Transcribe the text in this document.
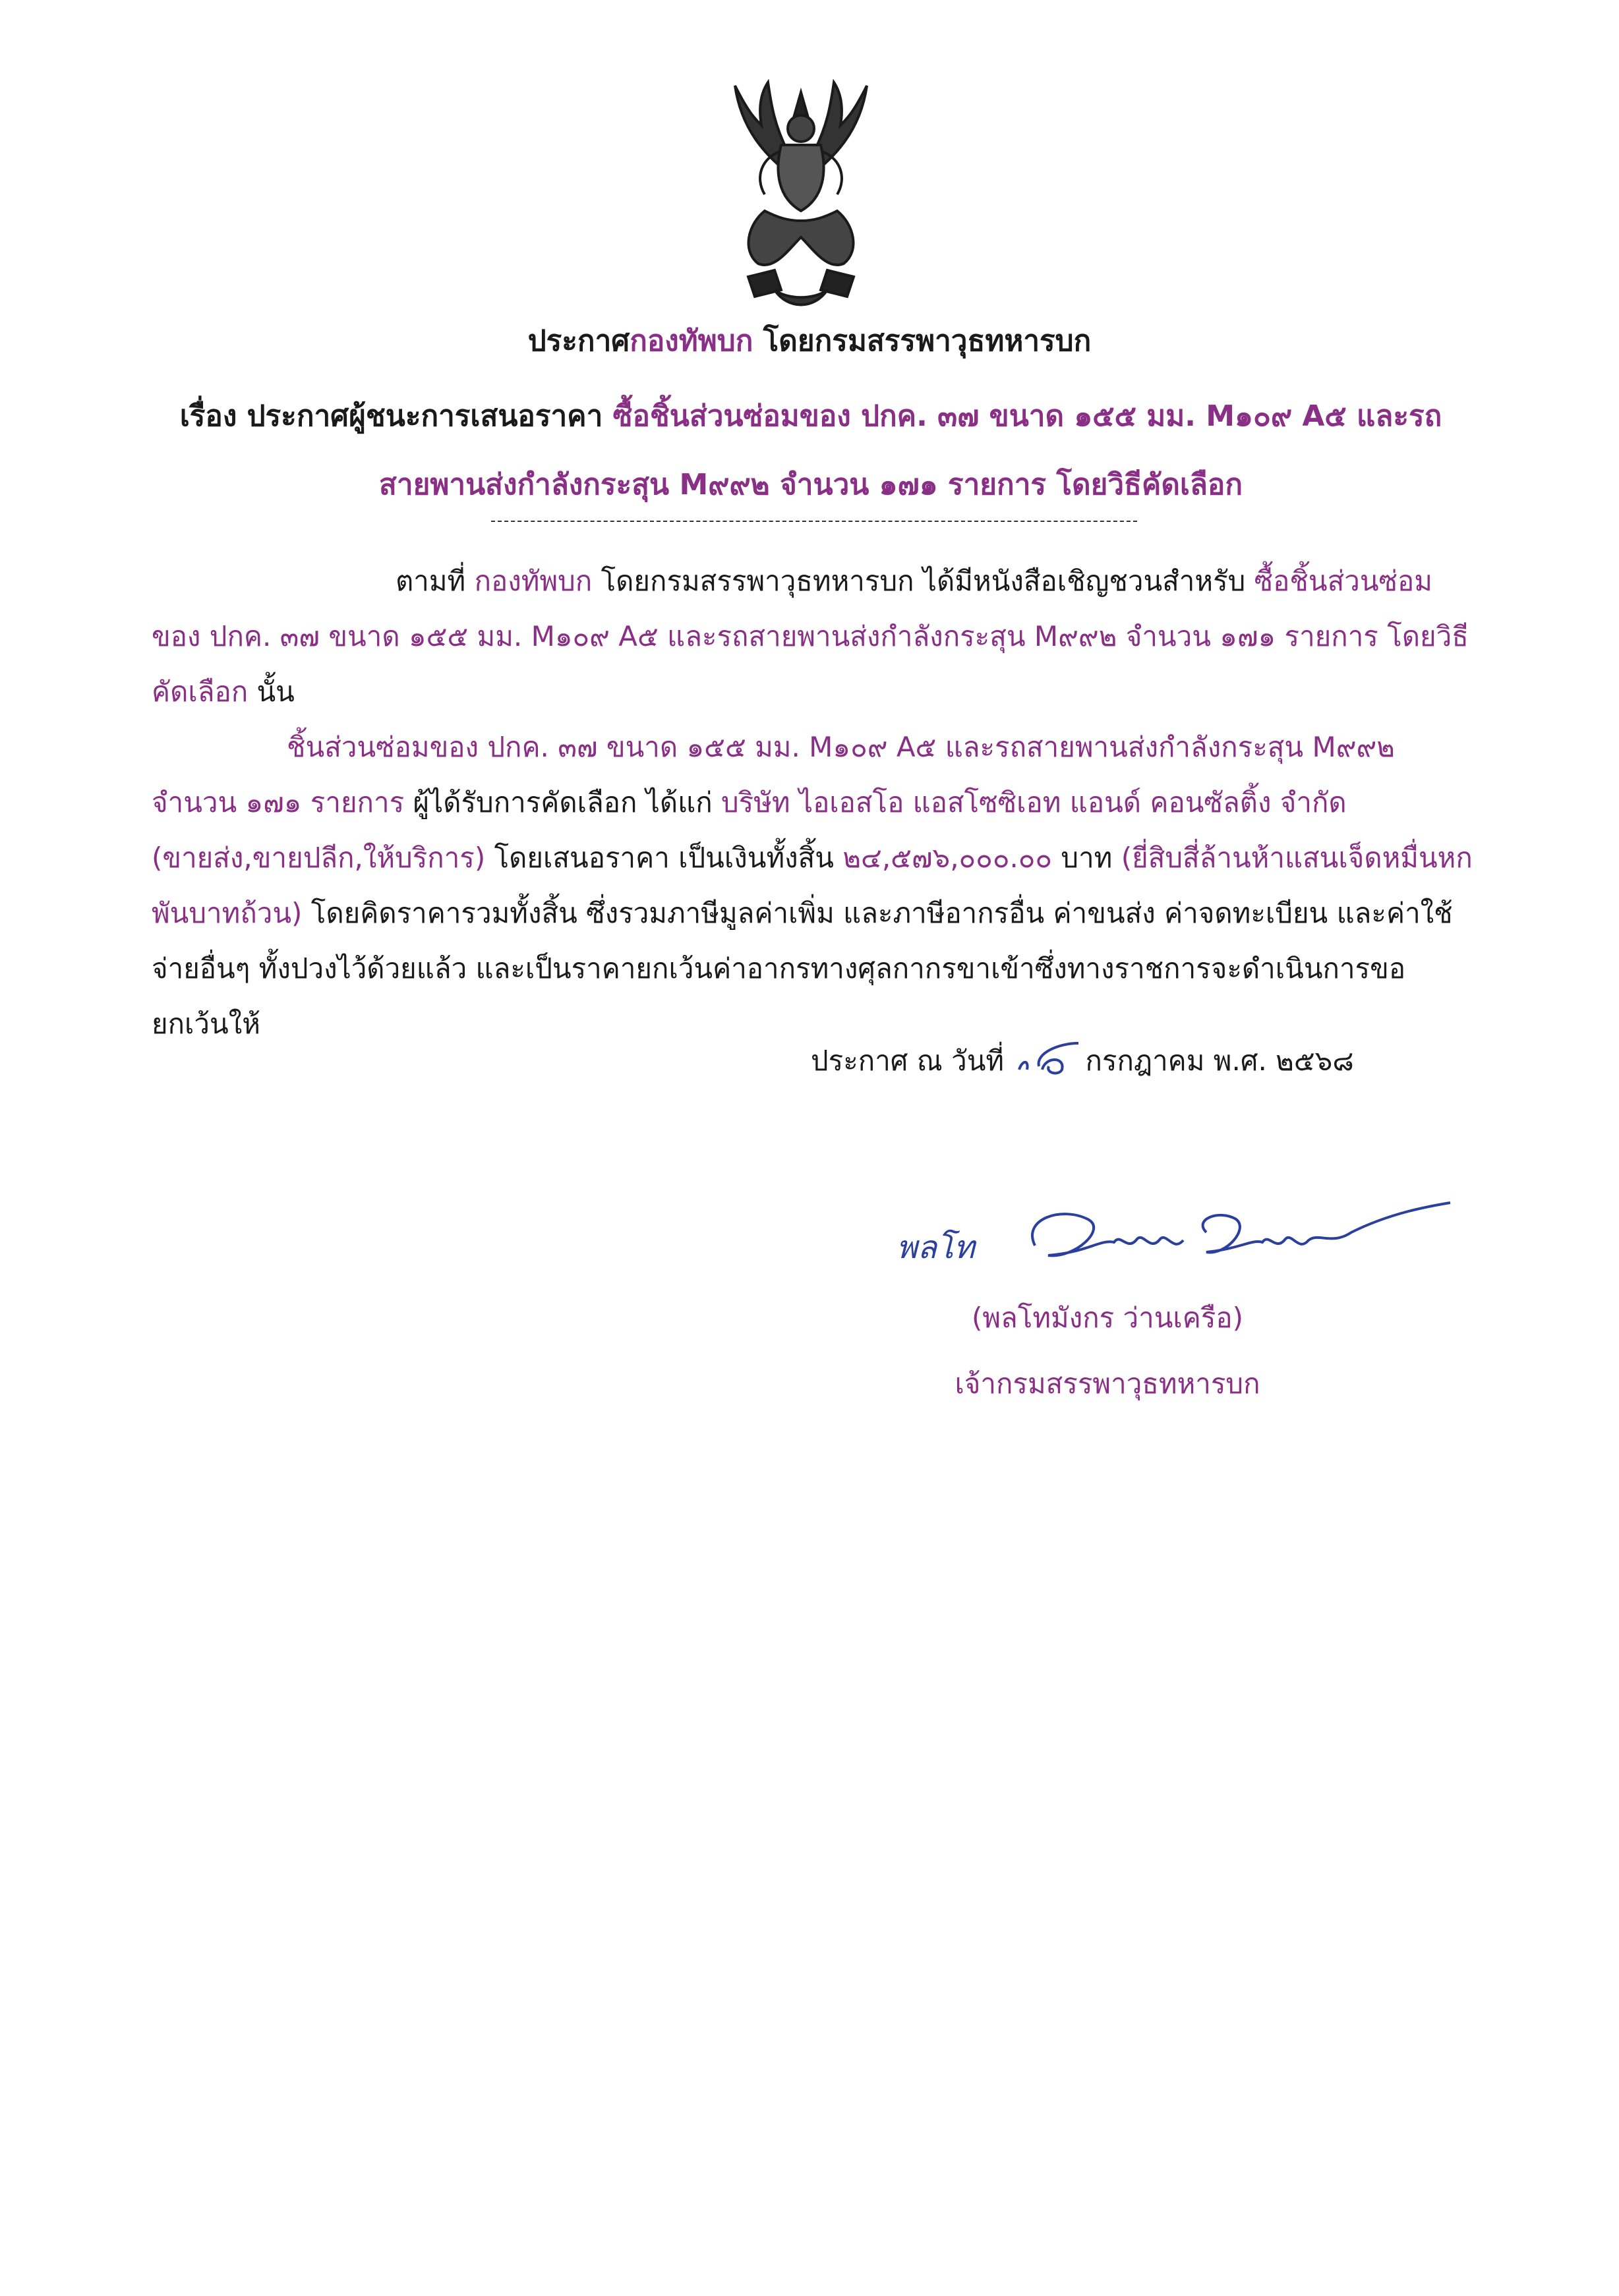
ประกาศกองทัพบก โดยกรมสรรพาวุธทหารบก
เรื่อง ประกาศผู้ชนะการเสนอราคา ซื้อชิ้นส่วนซ่อมของ ปกค. ๓๗ ขนาด ๑๕๕ มม. M๑๐๙ A๕ และรถสายพานส่งกำลังกระสุน M๙๙๒ จำนวน ๑๗๑ รายการ โดยวิธีคัดเลือก

ตามที่ กองทัพบก โดยกรมสรรพาวุธทหารบก ได้มีหนังสือเชิญชวนสำหรับ ซื้อชิ้นส่วนซ่อมของ ปกค. ๓๗ ขนาด ๑๕๕ มม. M๑๐๙ A๕ และรถสายพานส่งกำลังกระสุน M๙๙๒ จำนวน ๑๗๑ รายการ โดยวิธีคัดเลือก นั้น

ชิ้นส่วนซ่อมของ ปกค. ๓๗ ขนาด ๑๕๕ มม. M๑๐๙ A๕ และรถสายพานส่งกำลังกระสุน M๙๙๒ จำนวน ๑๗๑ รายการ ผู้ได้รับการคัดเลือก ได้แก่ บริษัท ไอเอสโอ แอสโซซิเอท แอนด์ คอนซัลติ้ง จำกัด (ขายส่ง,ขายปลีก,ให้บริการ) โดยเสนอราคา เป็นเงินทั้งสิ้น ๒๔,๕๗๖,๐๐๐.๐๐ บาท (ยี่สิบสี่ล้านห้าแสนเจ็ดหมื่นหกพันบาทถ้วน) โดยคิดราคารวมทั้งสิ้น ซึ่งรวมภาษีมูลค่าเพิ่ม และภาษีอากรอื่น ค่าขนส่ง ค่าจดทะเบียน และค่าใช้จ่ายอื่นๆ ทั้งปวงไว้ด้วยแล้ว และเป็นราคายกเว้นค่าอากรทางศุลกากรขาเข้าซึ่งทางราชการจะดำเนินการขอยกเว้นให้

ประกาศ ณ วันที่	กรกฎาคม พ.ศ. ๒๕๖๘
พลโท
(พลโทมังกร ว่านเครือ)
เจ้ากรมสรรพาวุธทหารบก
